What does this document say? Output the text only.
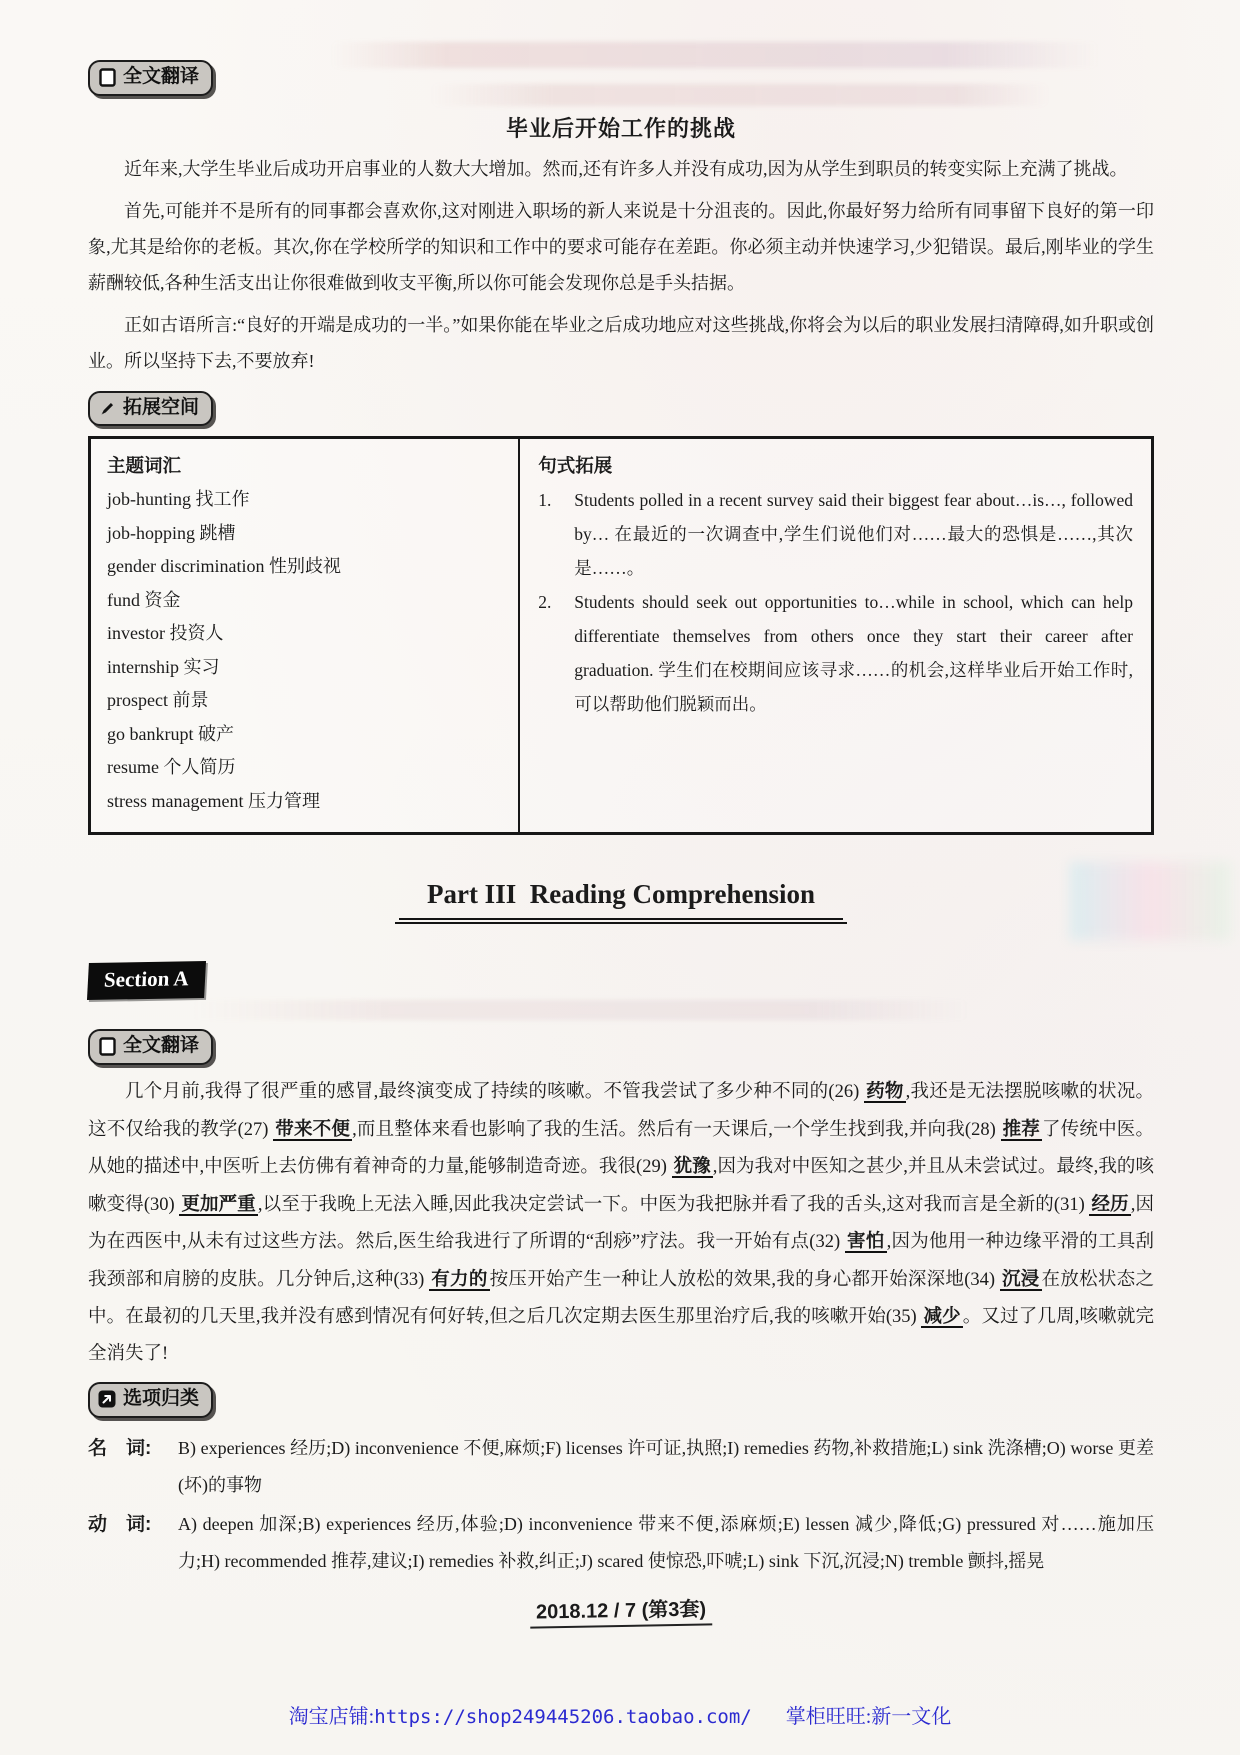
全文翻译
毕业后开始工作的挑战

近年来,大学生毕业后成功开启事业的人数大大增加。然而,还有许多人并没有成功,因为从学生到职员的转变实际上充满了挑战。

首先,可能并不是所有的同事都会喜欢你,这对刚进入职场的新人来说是十分沮丧的。因此,你最好努力给所有同事留下良好的第一印象,尤其是给你的老板。其次,你在学校所学的知识和工作中的要求可能存在差距。你必须主动并快速学习,少犯错误。最后,刚毕业的学生薪酬较低,各种生活支出让你很难做到收支平衡,所以你可能会发现你总是手头拮据。

正如古语所言:“良好的开端是成功的一半。”如果你能在毕业之后成功地应对这些挑战,你将会为以后的职业发展扫清障碍,如升职或创业。所以坚持下去,不要放弃!

拓展空间
主题词汇
job-hunting 找工作
job-hopping 跳槽
gender discrimination 性别歧视
fund 资金
investor 投资人
internship 实习
prospect 前景
go bankrupt 破产
resume 个人简历
stress management 压力管理
句式拓展
1.	Students polled in a recent survey said their biggest fear about…is…, followed by… 在最近的一次调查中,学生们说他们对……最大的恐惧是……,其次是……。
2.	Students should seek out opportunities to…while in school, which can help differentiate themselves from others once they start their career after graduation. 学生们在校期间应该寻求……的机会,这样毕业后开始工作时,可以帮助他们脱颖而出。
Part III  Reading Comprehension
Section A
全文翻译

几个月前,我得了很严重的感冒,最终演变成了持续的咳嗽。不管我尝试了多少种不同的(26) 药物 ,我还是无法摆脱咳嗽的状况。这不仅给我的教学(27) 带来不便 ,而且整体来看也影响了我的生活。然后有一天课后,一个学生找到我,并向我(28) 推荐 了传统中医。从她的描述中,中医听上去仿佛有着神奇的力量,能够制造奇迹。我很(29) 犹豫 ,因为我对中医知之甚少,并且从未尝试过。最终,我的咳嗽变得(30) 更加严重 ,以至于我晚上无法入睡,因此我决定尝试一下。中医为我把脉并看了我的舌头,这对我而言是全新的(31) 经历 ,因为在西医中,从未有过这些方法。然后,医生给我进行了所谓的“刮痧”疗法。我一开始有点(32) 害怕 ,因为他用一种边缘平滑的工具刮我颈部和肩膀的皮肤。几分钟后,这种(33) 有力的 按压开始产生一种让人放松的效果,我的身心都开始深深地(34) 沉浸 在放松状态之中。在最初的几天里,我并没有感到情况有何好转,但之后几次定期去医生那里治疗后,我的咳嗽开始(35) 减少 。又过了几周,咳嗽就完全消失了!

选项归类
名　词:	B) experiences 经历;D) inconvenience 不便,麻烦;F) licenses 许可证,执照;I) remedies 药物,补救措施;L) sink 洗涤槽;O) worse 更差(坏)的事物
动　词:	A) deepen 加深;B) experiences 经历,体验;D) inconvenience 带来不便,添麻烦;E) lessen 减少,降低;G) pressured 对……施加压力;H) recommended 推荐,建议;I) remedies 补救,纠正;J) scared 使惊恐,吓唬;L) sink 下沉,沉浸;N) tremble 颤抖,摇晃
2018.12 / 7 (第3套)
淘宝店铺:https://shop249445206.taobao.com/ 掌柜旺旺:新一文化
